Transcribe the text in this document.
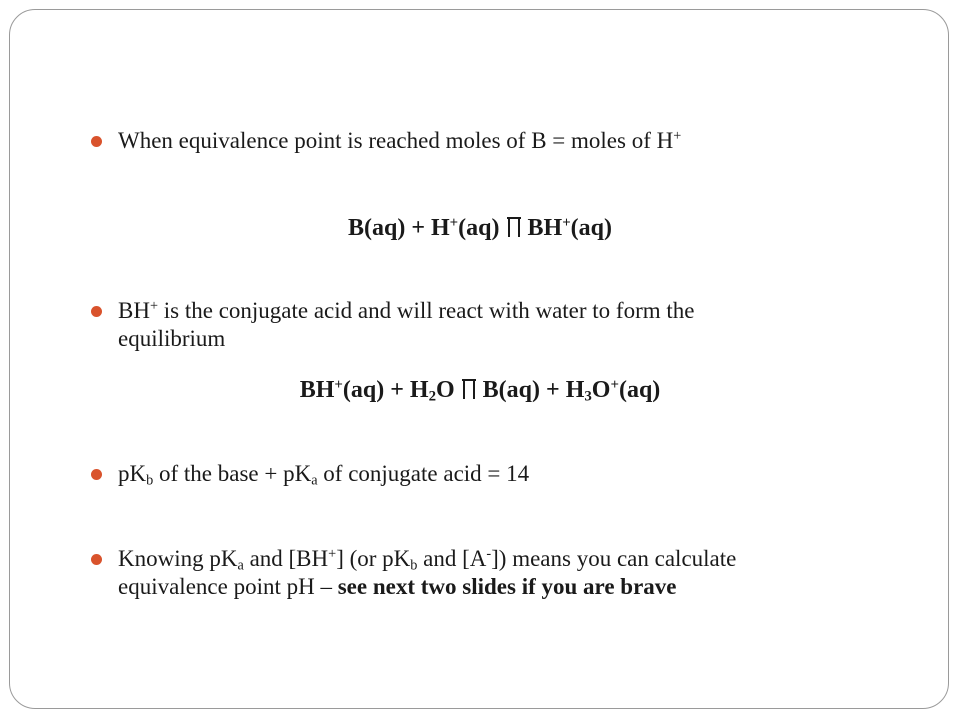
When equivalence point is reached moles of B = moles of H+
B(aq) + H+(aq) BH+(aq)
BH+ is the conjugate acid and will react with water to form the
equilibrium
$BH^+(aq) + H_2O$ $B(aq) + H_3O^+(aq)$
$pK_b$ of the base + $pK_a$ of conjugate acid = 14
Knowing $pK_a$ and [BH+] (or $pK_b$ and [A-]) means you can calculate
equivalence point pH – see next two slides if you are brave
